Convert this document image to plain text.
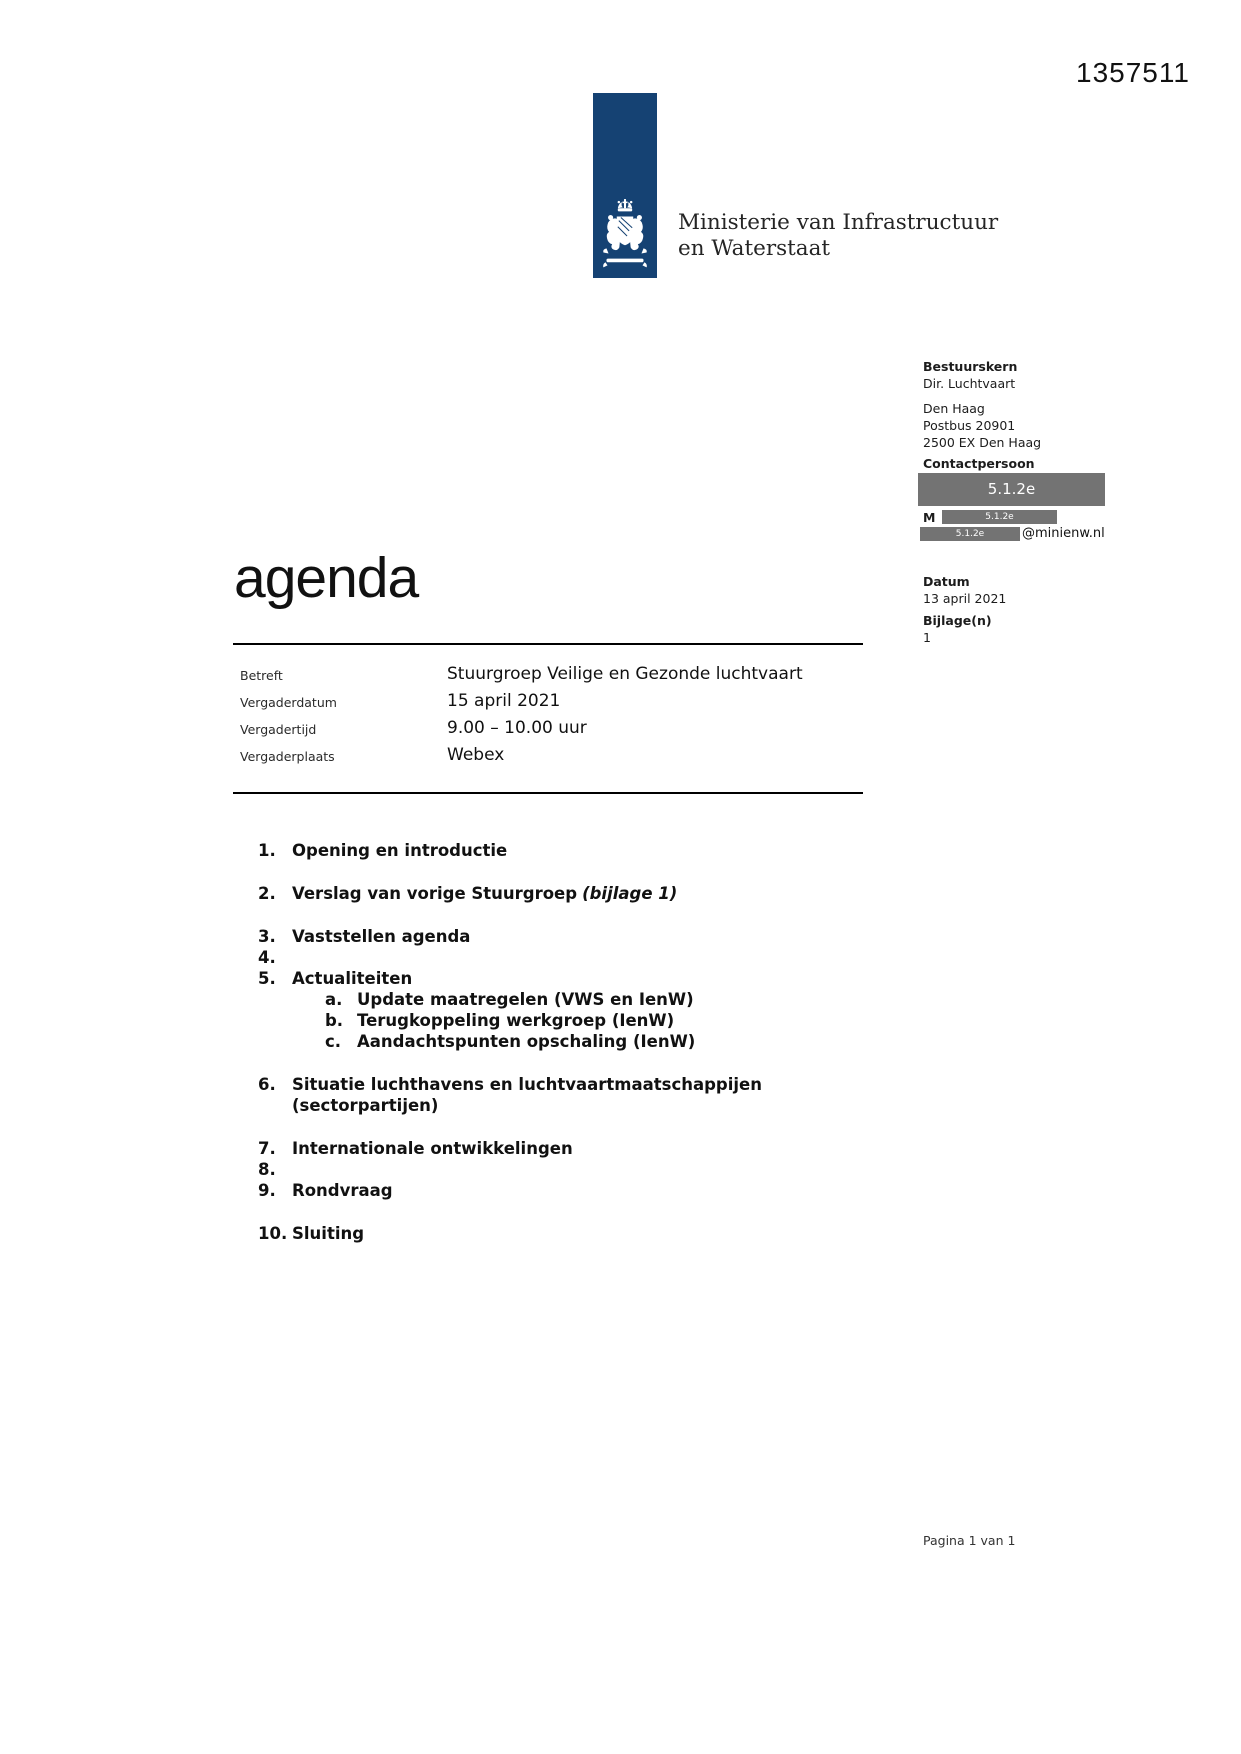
1357511
Ministerie van Infrastructuur
en Waterstaat
Bestuurskern
Dir. Luchtvaart
Den Haag
Postbus 20901
2500 EX Den Haag
Contactpersoon
5.1.2e
M	5.1.2e
5.1.2e	@minienw.nl
Datum
13 april 2021
Bijlage(n)
1
agenda
Betreft	Stuurgroep Veilige en Gezonde luchtvaart
Vergaderdatum	15 april 2021
Vergadertijd	9.00 – 10.00 uur
Vergaderplaats	Webex
1. Opening en introductie
2. Verslag van vorige Stuurgroep (bijlage 1)
3. Vaststellen agenda
4.
5. Actualiteiten
a. Update maatregelen (VWS en IenW)
b. Terugkoppeling werkgroep (IenW)
c. Aandachtspunten opschaling (IenW)
6. Situatie luchthavens en luchtvaartmaatschappijen
(sectorpartijen)
7. Internationale ontwikkelingen
8.
9. Rondvraag
10. Sluiting
Pagina 1 van 1
